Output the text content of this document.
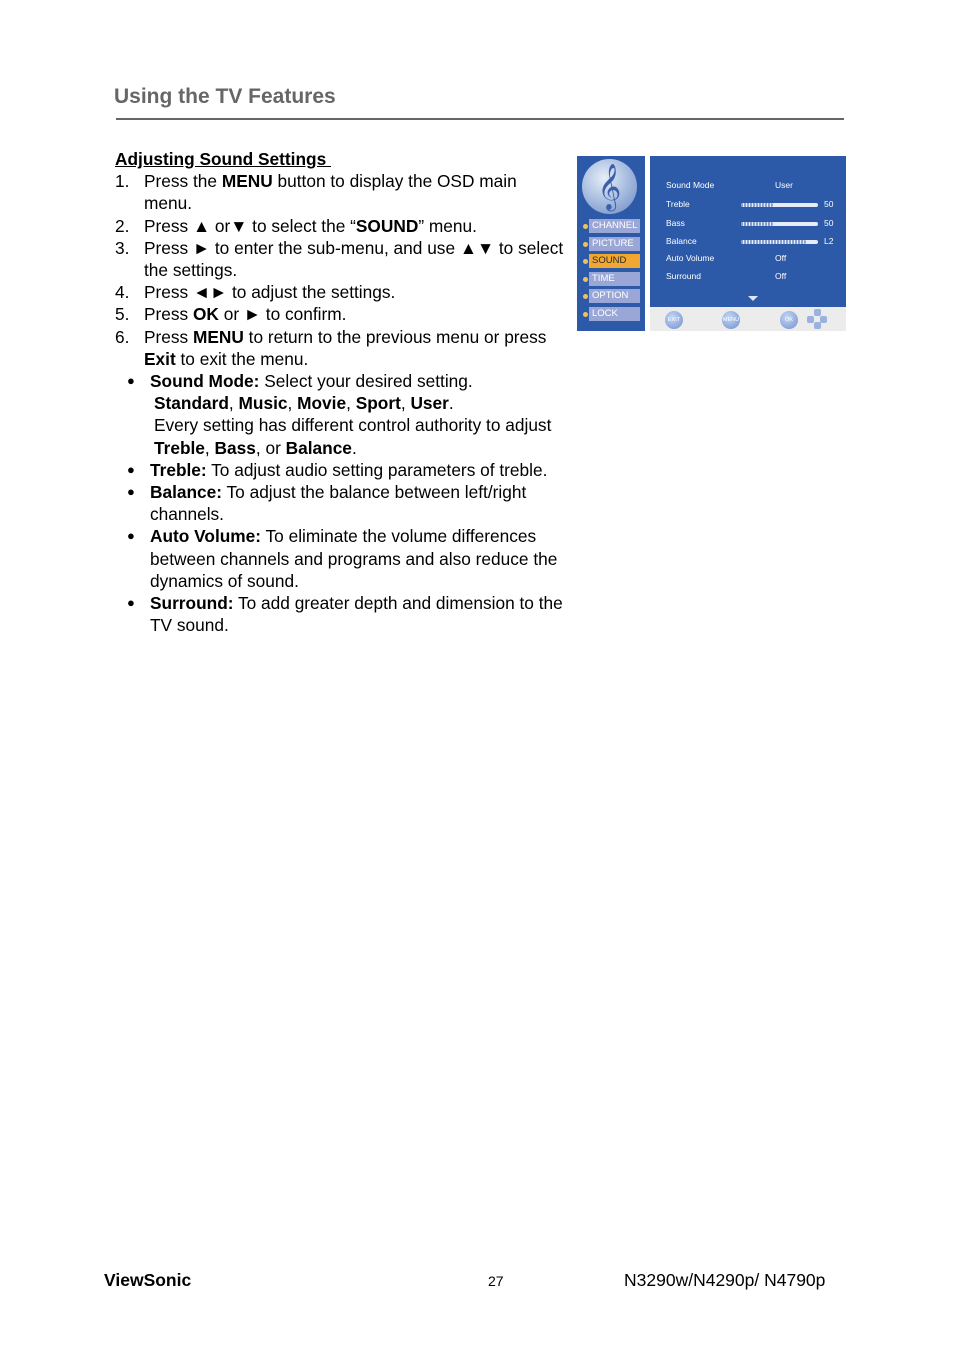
Using the TV Features
Adjusting Sound Settings
1. Press the MENU button to display the OSD main menu.
2. Press ▲ or▼ to select the “SOUND” menu.
3. Press ► to enter the sub-menu, and use ▲▼ to select the settings.
4. Press ◄► to adjust the settings.
5. Press OK or ► to confirm.
6. Press MENU to return to the previous menu or press Exit to exit the menu.
● Sound Mode: Select your desired setting.
Standard, Music, Movie, Sport, User.
Every setting has different control authority to adjust Treble, Bass, or Balance.
● Treble: To adjust audio setting parameters of treble.
● Balance: To adjust the balance between left/right channels.
● Auto Volume: To eliminate the volume differences between channels and programs and also reduce the dynamics of sound.
● Surround: To add greater depth and dimension to the TV sound.
𝄞
CHANNEL
PICTURE
SOUND
TIME
OPTION
LOCK
Sound Mode	User
Treble	50
Bass	50
Balance	L2
Auto Volume	Off
Surround	Off
EXIT	MENU	OK
ViewSonic	27	N3290w/N4290p/ N4790p
